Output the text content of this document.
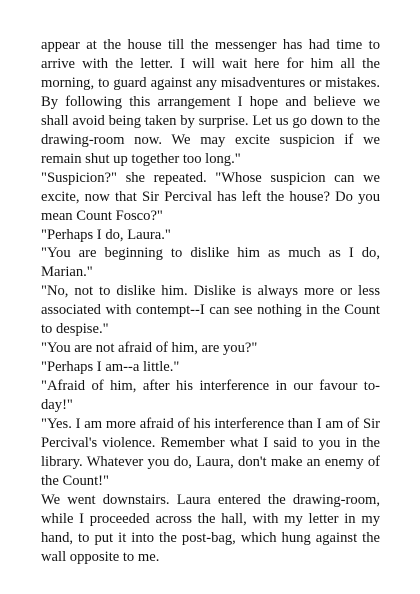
appear at the house till the messenger has had time to arrive with the letter. I will wait here for him all the morning, to guard against any misadventures or mistakes. By following this arrangement I hope and believe we shall avoid being taken by surprise. Let us go down to the drawing-room now. We may excite suspicion if we remain shut up together too long."

"Suspicion?" she repeated. "Whose suspicion can we excite, now that Sir Percival has left the house? Do you mean Count Fosco?"

"Perhaps I do, Laura."

"You are beginning to dislike him as much as I do, Marian."

"No, not to dislike him. Dislike is always more or less associated with contempt--I can see nothing in the Count to despise."

"You are not afraid of him, are you?"

"Perhaps I am--a little."

"Afraid of him, after his interference in our favour to-day!"

"Yes. I am more afraid of his interference than I am of Sir Percival's violence. Remember what I said to you in the library. Whatever you do, Laura, don't make an enemy of the Count!"

We went downstairs. Laura entered the drawing-room, while I proceeded across the hall, with my letter in my hand, to put it into the post-bag, which hung against the wall opposite to me.
